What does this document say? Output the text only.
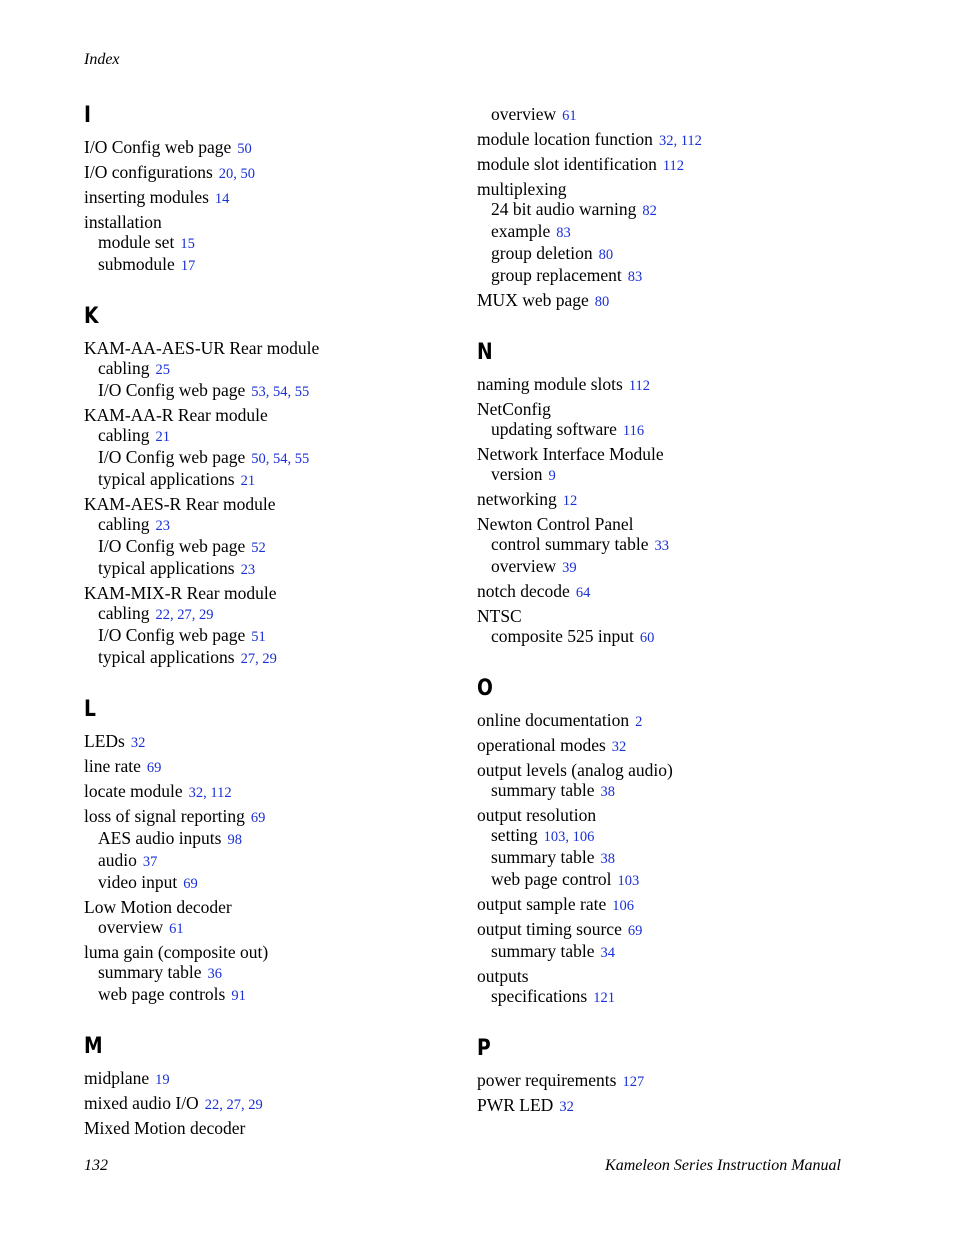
Index
I
I/O Config web page 50
I/O configurations 20, 50
inserting modules 14
installation
module set 15
submodule 17
K
KAM-AA-AES-UR Rear module
cabling 25
I/O Config web page 53, 54, 55
KAM-AA-R Rear module
cabling 21
I/O Config web page 50, 54, 55
typical applications 21
KAM-AES-R Rear module
cabling 23
I/O Config web page 52
typical applications 23
KAM-MIX-R Rear module
cabling 22, 27, 29
I/O Config web page 51
typical applications 27, 29
L
LEDs 32
line rate 69
locate module 32, 112
loss of signal reporting 69
AES audio inputs 98
audio 37
video input 69
Low Motion decoder
overview 61
luma gain (composite out)
summary table 36
web page controls 91
M
midplane 19
mixed audio I/O 22, 27, 29
Mixed Motion decoder
overview 61
module location function 32, 112
module slot identification 112
multiplexing
24 bit audio warning 82
example 83
group deletion 80
group replacement 83
MUX web page 80
N
naming module slots 112
NetConfig
updating software 116
Network Interface Module
version 9
networking 12
Newton Control Panel
control summary table 33
overview 39
notch decode 64
NTSC
composite 525 input 60
O
online documentation 2
operational modes 32
output levels (analog audio)
summary table 38
output resolution
setting 103, 106
summary table 38
web page control 103
output sample rate 106
output timing source 69
summary table 34
outputs
specifications 121
P
power requirements 127
PWR LED 32
132	Kameleon Series Instruction Manual
